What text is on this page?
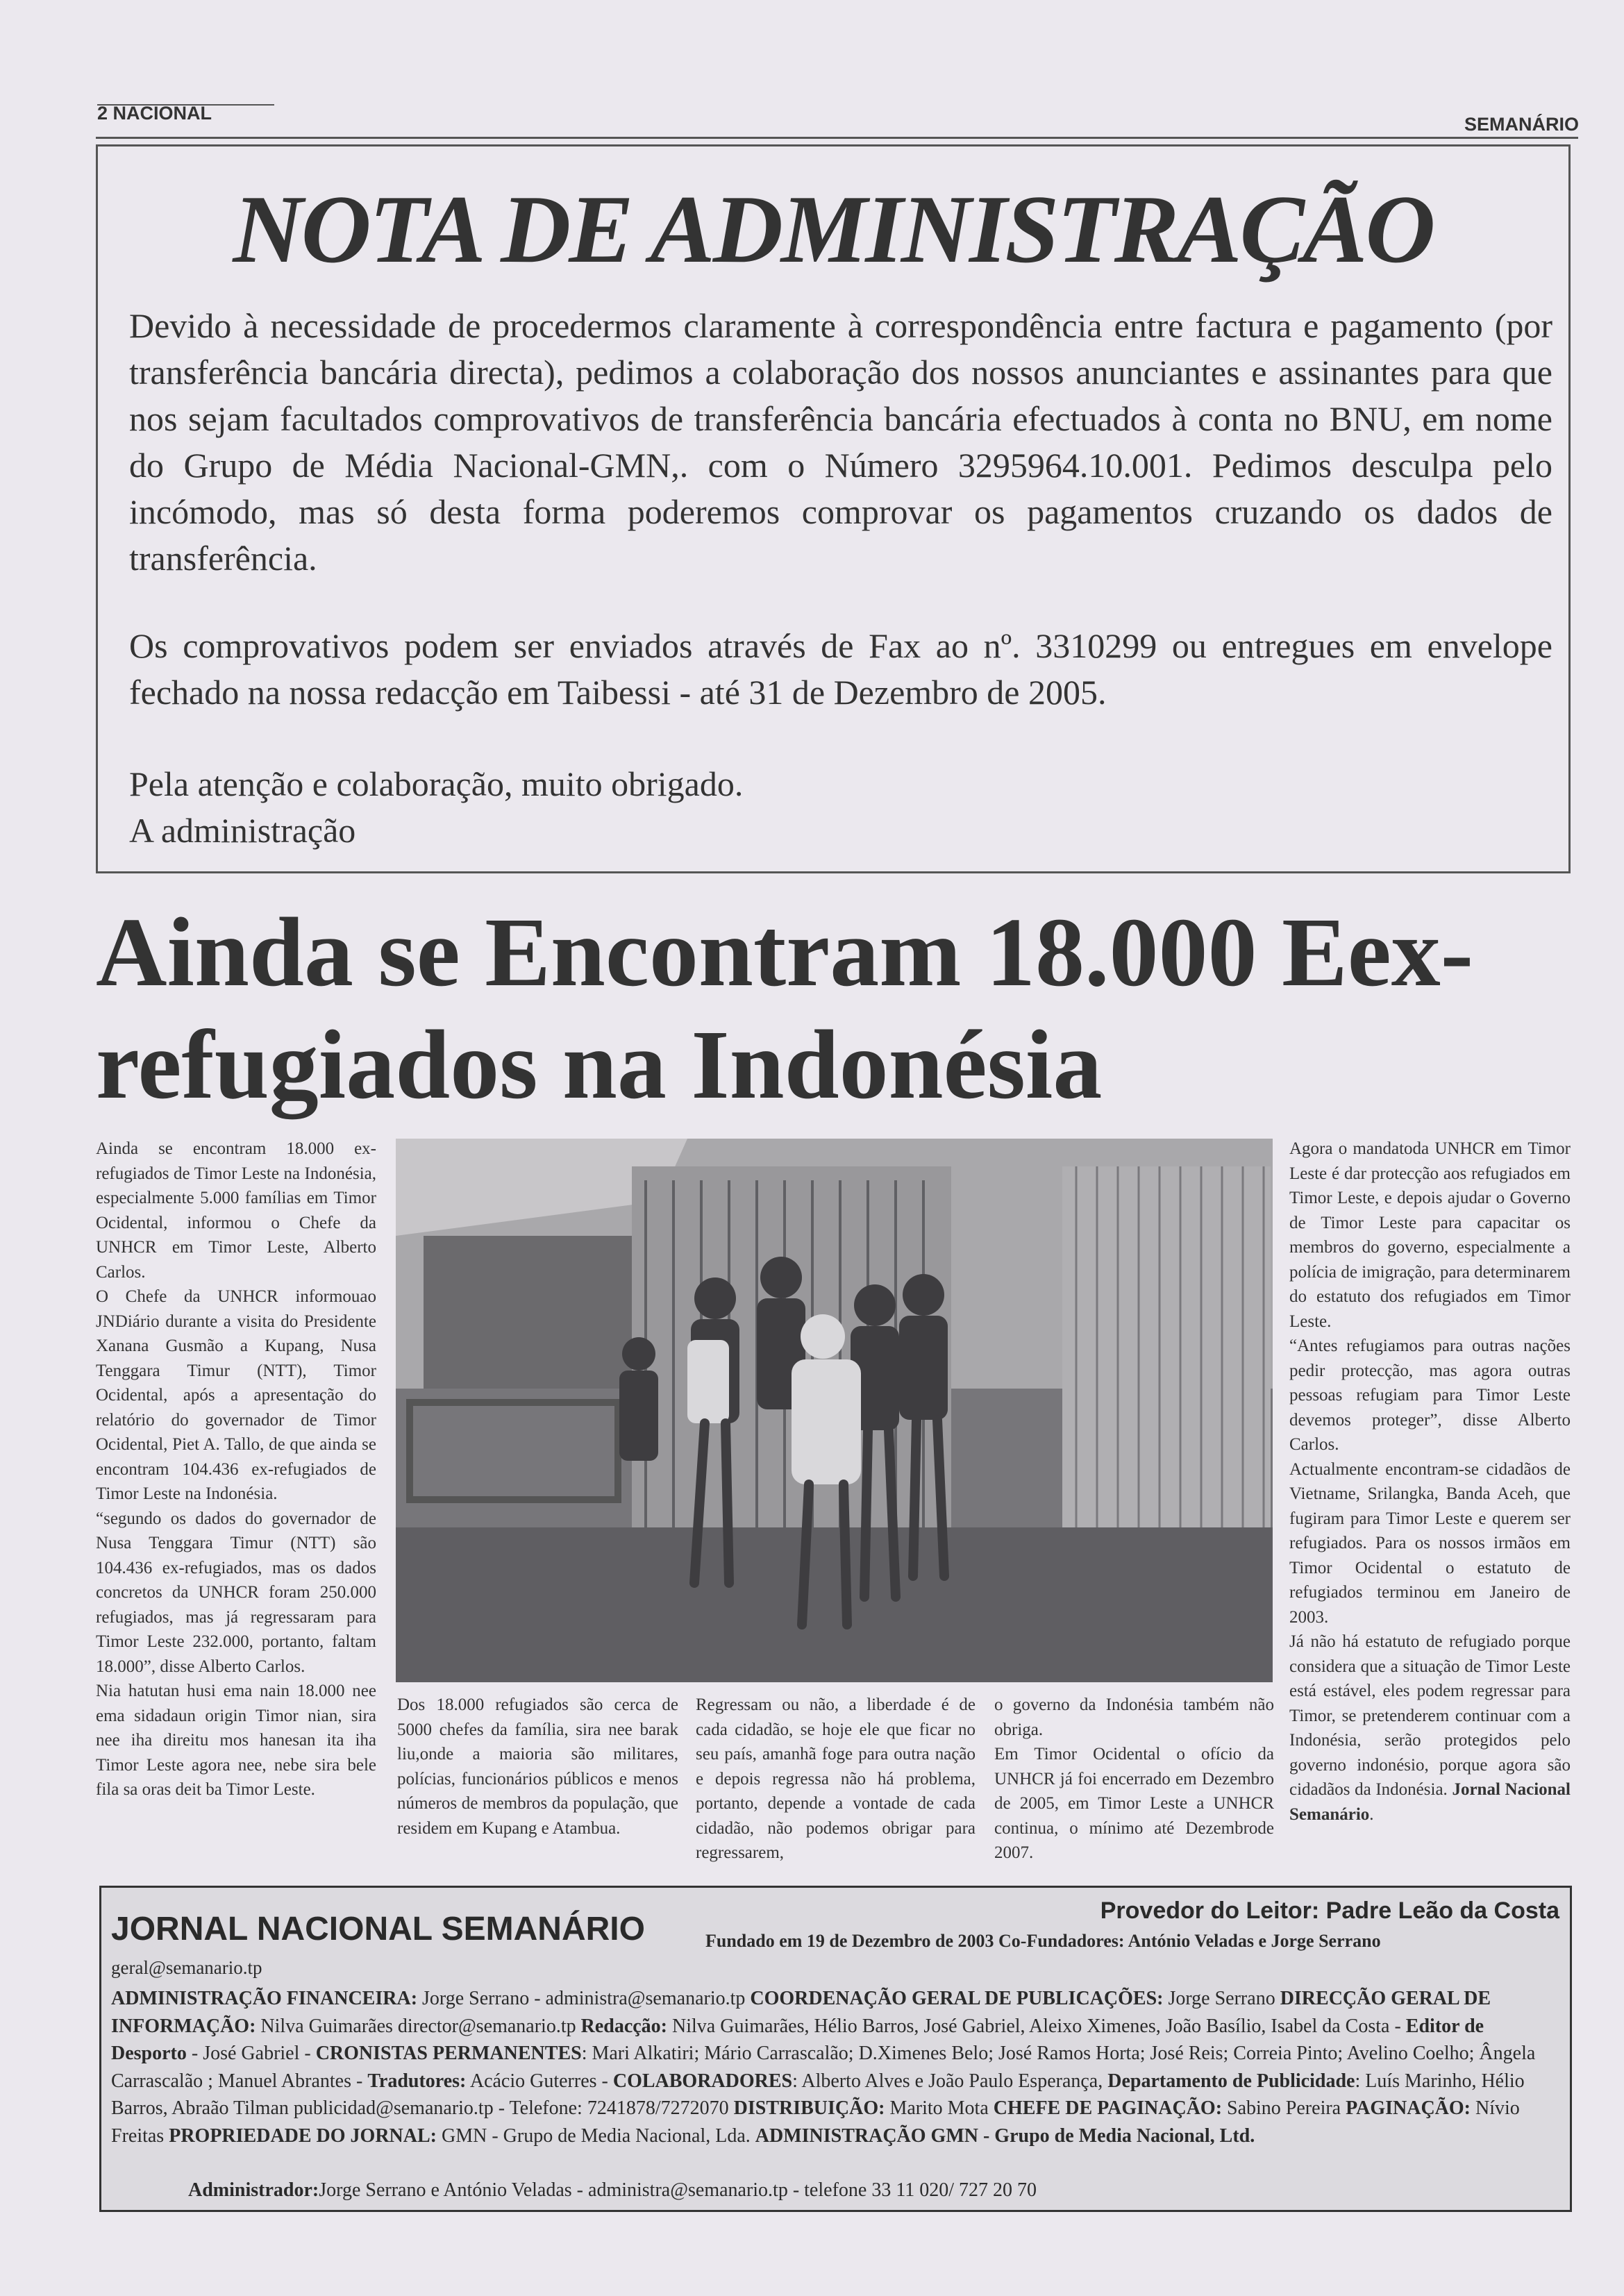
2 NACIONAL
SEMANÁRIO
NOTA DE ADMINISTRAÇÃO
Devido à necessidade de procedermos claramente à correspondência entre factura e pagamento (por transferência bancária directa), pedimos a colaboração dos nossos anunciantes e assinantes para que nos sejam facultados comprovativos de transferência bancária efectuados à conta no BNU, em nome do Grupo de Média Nacional-GMN,. com o Número 3295964.10.001. Pedimos desculpa pelo incómodo, mas só desta forma poderemos comprovar os pagamentos cruzando os dados de transferência.
Os comprovativos podem ser enviados através de Fax ao nº. 3310299 ou entregues em envelope fechado na nossa redacção em Taibessi - até 31 de Dezembro de 2005.
Pela atenção e colaboração, muito obrigado.
A administração
Ainda se Encontram 18.000 Eex-refugiados na Indonésia

Ainda se encontram 18.000 ex-refugiados de Timor Leste na Indonésia, especialmente 5.000 famílias em Timor Ocidental, informou o Chefe da UNHCR em Timor Leste, Alberto Carlos.

O Chefe da UNHCR informouao JNDiário durante a visita do Presidente Xanana Gusmão a Kupang, Nusa Tenggara Timur (NTT), Timor Ocidental, após a apresentação do relatório do governador de Timor Ocidental, Piet A. Tallo, de que ainda se encontram 104.436 ex-refugiados de Timor Leste na Indonésia.

“segundo os dados do governador de Nusa Tenggara Timur (NTT) são 104.436 ex-refugiados, mas os dados concretos da UNHCR foram 250.000 refugiados, mas já regressaram para Timor Leste 232.000, portanto, faltam 18.000”, disse Alberto Carlos.

Nia hatutan husi ema nain 18.000 nee ema sidadaun origin Timor nian, sira nee iha direitu mos hanesan ita iha Timor Leste agora nee, nebe sira bele fila sa oras deit ba Timor Leste.

Dos 18.000 refugiados são cerca de 5000 chefes da família, sira nee barak liu,onde a maioria são militares, polícias, funcionários públicos e menos números de membros da população, que residem em Kupang e Atambua.
Regressam ou não, a liberdade é de cada cidadão, se hoje ele que ficar no seu país, amanhã foge para outra nação e depois regressa não há problema, portanto, depende a vontade de cada cidadão, não podemos obrigar para regressarem,

o governo da Indonésia também não obriga.

Em Timor Ocidental o ofício da UNHCR já foi encerrado em Dezembro de 2005, em Timor Leste a UNHCR continua, o mínimo até Dezembrode 2007.

Agora o mandatoda UNHCR em Timor Leste é dar protecção aos refugiados em Timor Leste, e depois ajudar o Governo de Timor Leste para capacitar os membros do governo, especialmente a polícia de imigração, para determinarem do estatuto dos refugiados em Timor Leste.

“Antes refugiamos para outras nações pedir protecção, mas agora outras pessoas refugiam para Timor Leste devemos proteger”, disse Alberto Carlos.

Actualmente encontram-se cidadãos de Vietname, Srilangka, Banda Aceh, que fugiram para Timor Leste e querem ser refugiados. Para os nossos irmãos em Timor Ocidental o estatuto de refugiados terminou em Janeiro de 2003.

Já não há estatuto de refugiado porque considera que a situação de Timor Leste está estável, eles podem regressar para Timor, se pretenderem continuar com a Indonésia, serão protegidos pelo governo indonésio, porque agora são cidadãos da Indonésia. Jornal Nacional Semanário.

Provedor do Leitor: Padre Leão da Costa
JORNAL NACIONAL SEMANÁRIO	Fundado em 19 de Dezembro de 2003 Co-Fundadores: António Veladas e Jorge Serrano
geral@semanario.tp
ADMINISTRAÇÃO FINANCEIRA: Jorge Serrano - administra@semanario.tp COORDENAÇÃO GERAL DE PUBLICAÇÕES: Jorge Serrano DIRECÇÃO GERAL DE INFORMAÇÃO: Nilva Guimarães director@semanario.tp Redacção: Nilva Guimarães, Hélio Barros, José Gabriel, Aleixo Ximenes, João Basílio, Isabel da Costa - Editor de Desporto - José Gabriel - CRONISTAS PERMANENTES: Mari Alkatiri; Mário Carrascalão; D.Ximenes Belo; José Ramos Horta; José Reis; Correia Pinto; Avelino Coelho; Ângela Carrascalão ; Manuel Abrantes - Tradutores: Acácio Guterres - COLABORADORES: Alberto Alves e João Paulo Esperança, Departamento de Publicidade: Luís Marinho, Hélio Barros, Abraão Tilman publicidad@semanario.tp - Telefone: 7241878/7272070 DISTRIBUIÇÃO: Marito Mota CHEFE DE PAGINAÇÃO: Sabino Pereira PAGINAÇÃO: Nívio Freitas PROPRIEDADE DO JORNAL: GMN - Grupo de Media Nacional, Lda. ADMINISTRAÇÃO GMN - Grupo de Media Nacional, Ltd.
Administrador:Jorge Serrano e António Veladas - administra@semanario.tp - telefone 33 11 020/ 727 20 70
